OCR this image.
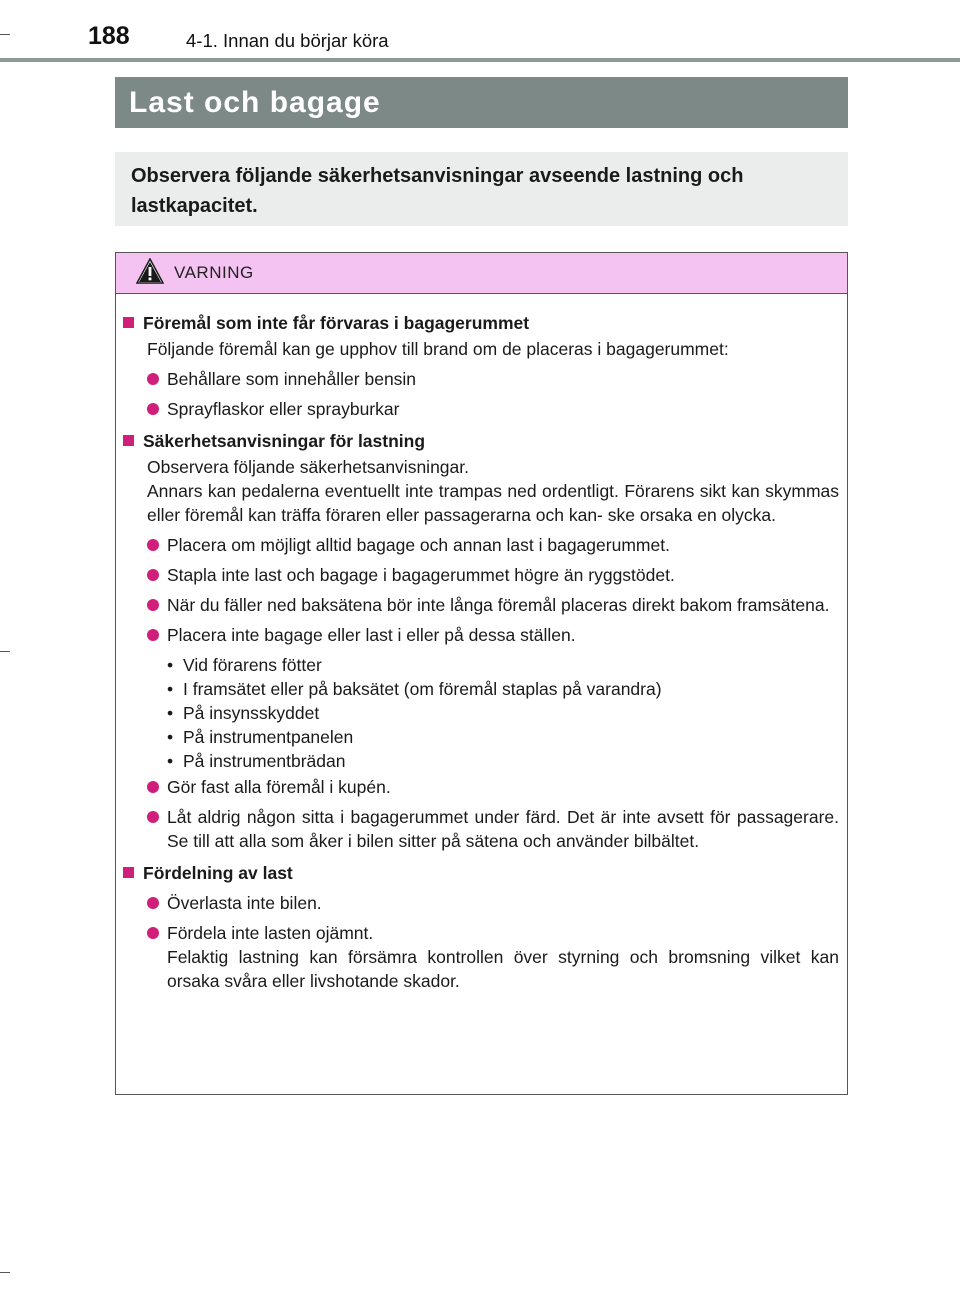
188	4-1. Innan du börjar köra
Last och bagage
Observera följande säkerhetsanvisningar avseende lastning och lastkapacitet.
VARNING
Föremål som inte får förvaras i bagagerummet
Följande föremål kan ge upphov till brand om de placeras i bagagerummet:
Behållare som innehåller bensin
Sprayflaskor eller sprayburkar
Säkerhetsanvisningar för lastning
Observera följande säkerhetsanvisningar.
Annars kan pedalerna eventuellt inte trampas ned ordentligt. Förarens sikt kan skymmas eller föremål kan träffa föraren eller passagerarna och kan- ske orsaka en olycka.
Placera om möjligt alltid bagage och annan last i bagagerummet.
Stapla inte last och bagage i bagagerummet högre än ryggstödet.
När du fäller ned baksätena bör inte långa föremål placeras direkt bakom framsätena.
Placera inte bagage eller last i eller på dessa ställen.
• Vid förarens fötter
• I framsätet eller på baksätet (om föremål staplas på varandra)
• På insynsskyddet
• På instrumentpanelen
• På instrumentbrädan
Gör fast alla föremål i kupén.
Låt aldrig någon sitta i bagagerummet under färd. Det är inte avsett för passagerare. Se till att alla som åker i bilen sitter på sätena och använder bilbältet.
Fördelning av last
Överlasta inte bilen.
Fördela inte lasten ojämnt.
Felaktig lastning kan försämra kontrollen över styrning och bromsning vilket kan orsaka svåra eller livshotande skador.
